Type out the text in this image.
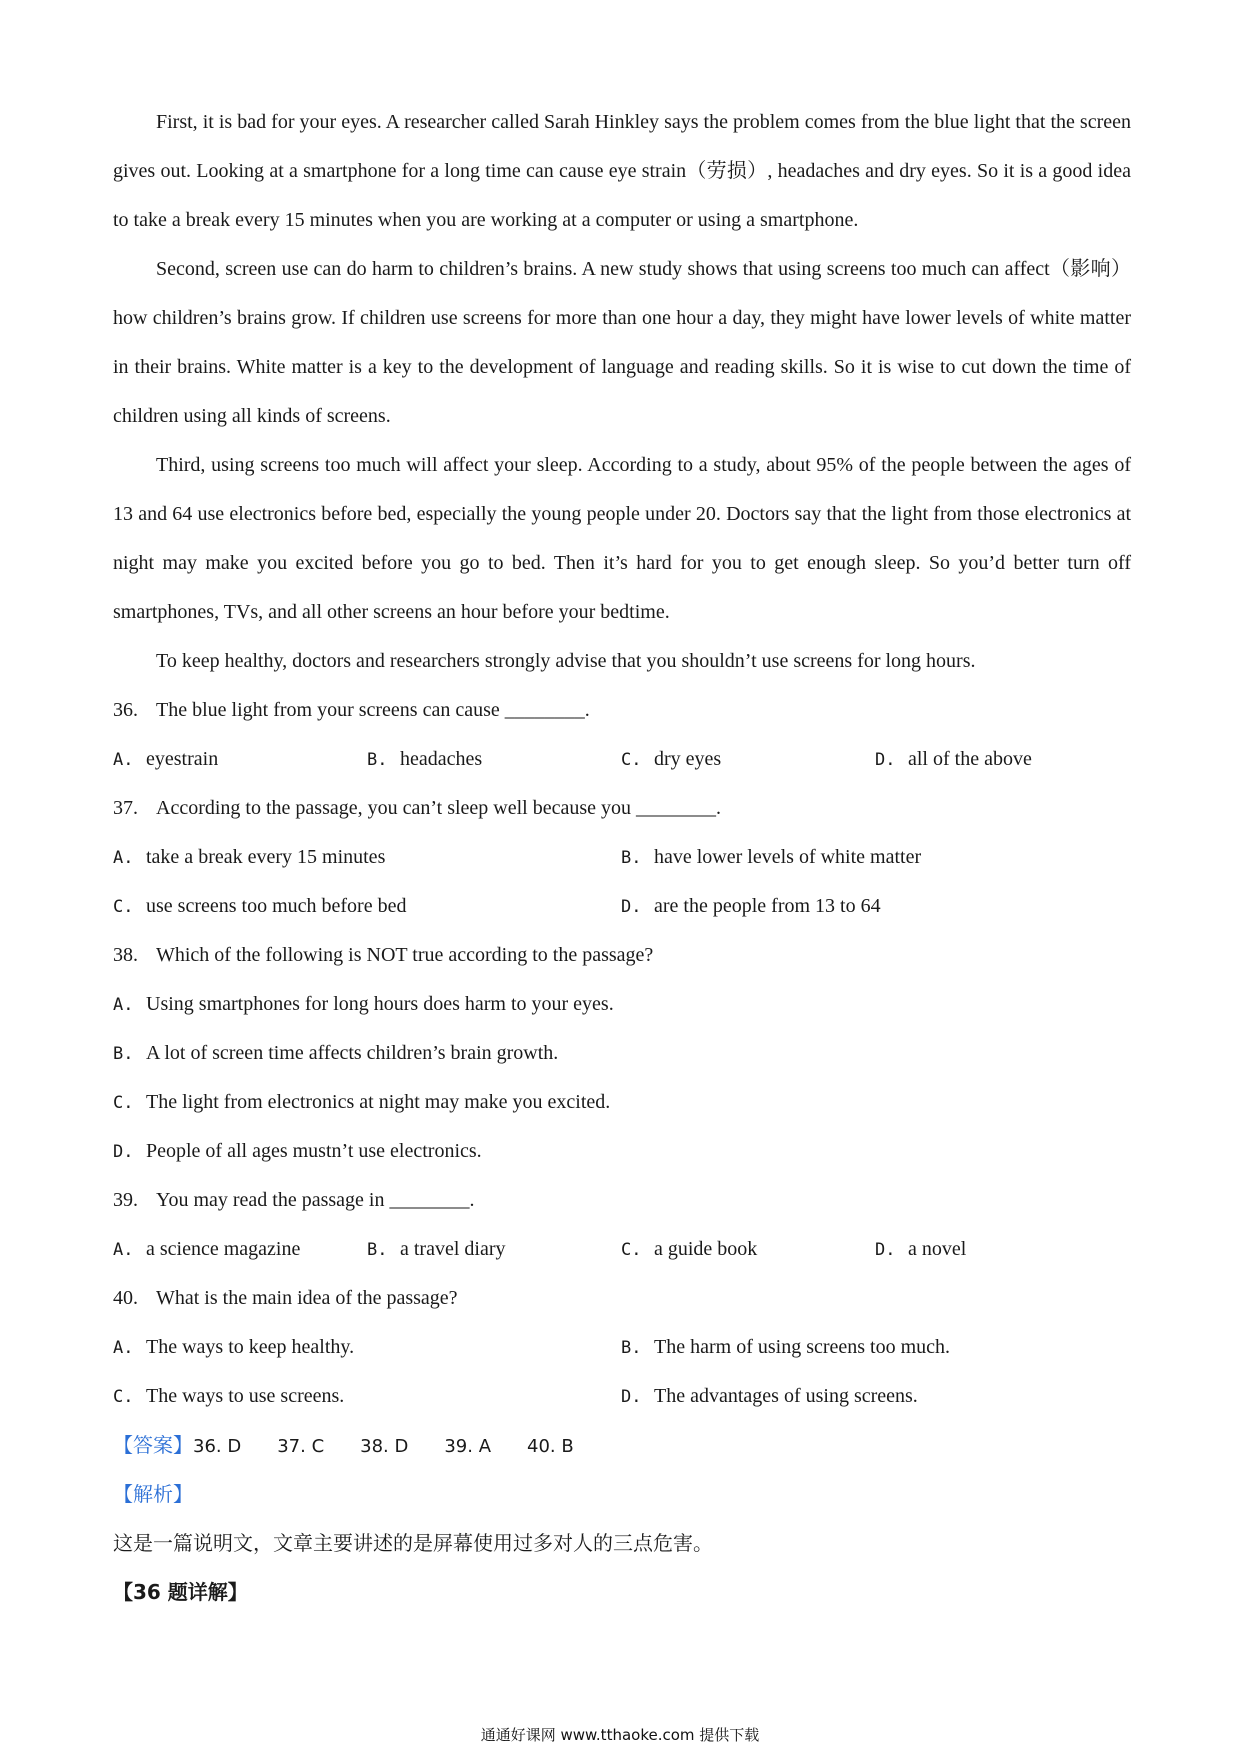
First, it is bad for your eyes. A researcher called Sarah Hinkley says the problem comes from the blue light that the screen gives out. Looking at a smartphone for a long time can cause eye strain（劳损）, headaches and dry eyes. So it is a good idea to take a break every 15 minutes when you are working at a computer or using a smartphone.

Second, screen use can do harm to children’s brains. A new study shows that using screens too much can affect（影响） how children’s brains grow. If children use screens for more than one hour a day, they might have lower levels of white matter in their brains. White matter is a key to the development of language and reading skills. So it is wise to cut down the time of children using all kinds of screens.

Third, using screens too much will affect your sleep. According to a study, about 95% of the people between the ages of 13 and 64 use electronics before bed, especially the young people under 20. Doctors say that the light from those electronics at night may make you excited before you go to bed. Then it’s hard for you to get enough sleep. So you’d better turn off smartphones, TVs, and all other screens an hour before your bedtime.

To keep healthy, doctors and researchers strongly advise that you shouldn’t use screens for long hours.

36. The blue light from your screens can cause ________.
A. eyestrain	B. headaches	C. dry eyes	D. all of the above
37. According to the passage, you can’t sleep well because you ________.
A. take a break every 15 minutes	B. have lower levels of white matter
C. use screens too much before bed	D. are the people from 13 to 64
38. Which of the following is NOT true according to the passage?
A. Using smartphones for long hours does harm to your eyes.
B. A lot of screen time affects children’s brain growth.
C. The light from electronics at night may make you excited.
D. People of all ages mustn’t use electronics.
39. You may read the passage in ________.
A. a science magazine	B. a travel diary	C. a guide book	D. a novel
40. What is the main idea of the passage?
A. The ways to keep healthy.	B. The harm of using screens too much.
C. The ways to use screens.	D. The advantages of using screens.
【答案】36. D 37. C 38. D 39. A 40. B
【解析】
这是一篇说明文，文章主要讲述的是屏幕使用过多对人的三点危害。
【36 题详解】
通通好课网 www.tthaoke.com 提供下载
